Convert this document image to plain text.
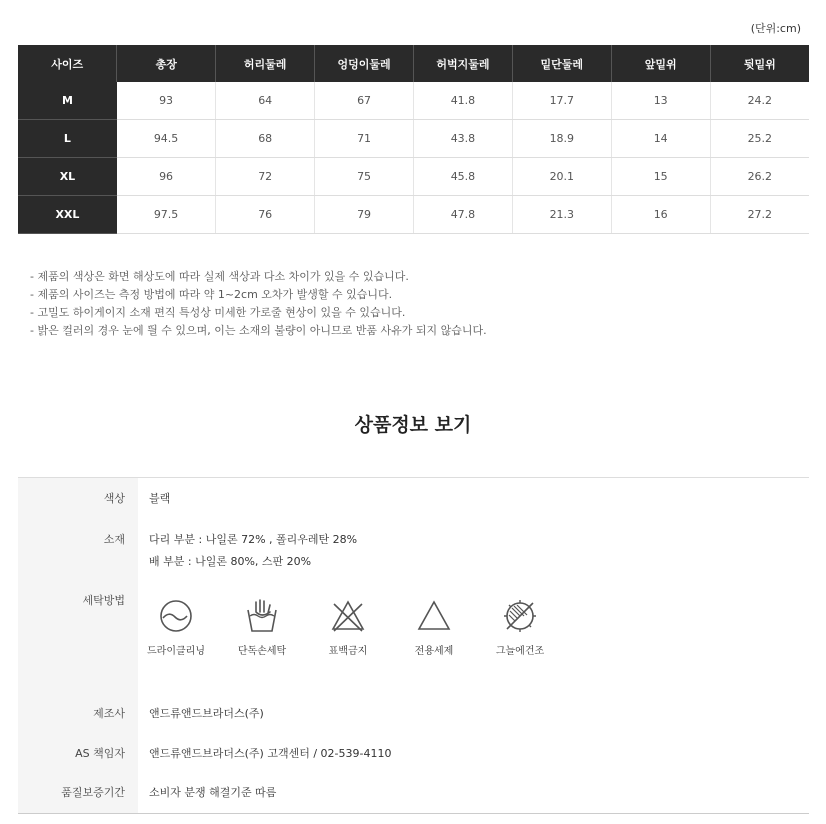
(단위:cm)
사이즈	총장	허리둘레	엉덩이둘레	허벅지둘레	밑단둘레	앞밑위	뒷밑위
M	93	64	67	41.8	17.7	13	24.2
L	94.5	68	71	43.8	18.9	14	25.2
XL	96	72	75	45.8	20.1	15	26.2
XXL	97.5	76	79	47.8	21.3	16	27.2
- 제품의 색상은 화면 해상도에 따라 실제 색상과 다소 차이가 있을 수 있습니다.
- 제품의 사이즈는 측정 방법에 따라 약 1~2cm 오차가 발생할 수 있습니다.
- 고밀도 하이게이지 소재 편직 특성상 미세한 가로줄 현상이 있을 수 있습니다.
- 밝은 컬러의 경우 눈에 띌 수 있으며, 이는 소재의 불량이 아니므로 반품 사유가 되지 않습니다.
상품정보 보기
색상 블랙
소재 다리 부분 : 나일론 72% , 폴리우레탄 28%
배 부분 : 나일론 80%, 스판 20%
세탁방법
드라이클리닝	단독손세탁	표백금지	전용세제	그늘에건조
제조사 앤드류앤드브라더스(주)
AS 책임자 앤드류앤드브라더스(주) 고객센터 / 02-539-4110
품질보증기간 소비자 분쟁 해결기준 따름
